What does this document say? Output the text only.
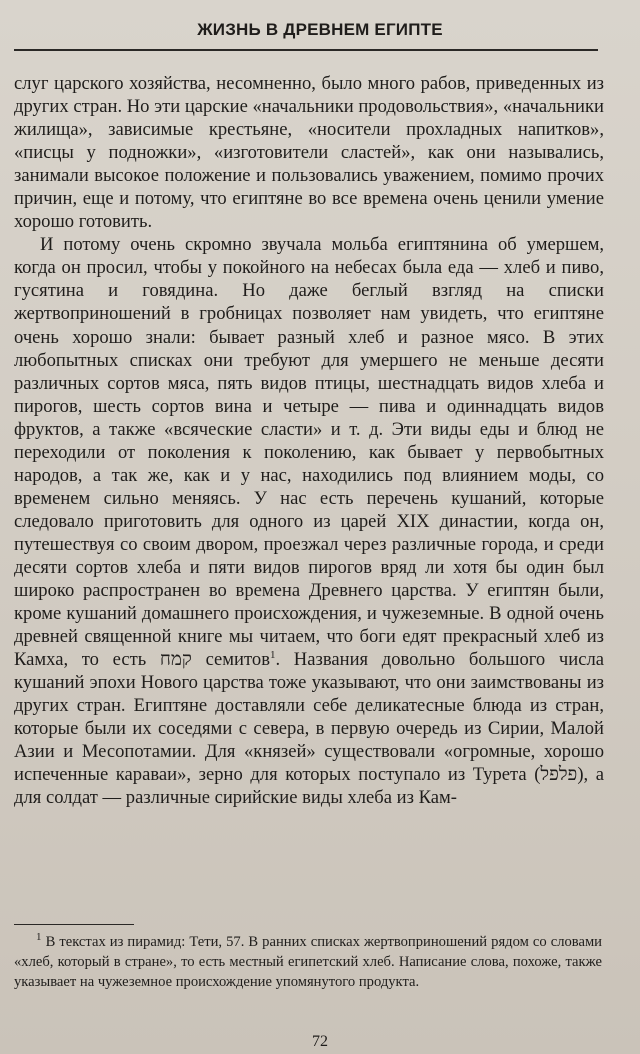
ЖИЗНЬ В ДРЕВНЕМ ЕГИПТЕ

слуг царского хозяйства, несомненно, было много рабов, приведенных из других стран. Но эти царские «начальники продовольствия», «начальники жилища», зависимые крестьяне, «носители прохладных напитков», «писцы у подножки», «изготовители сластей», как они назывались, занимали высокое положение и пользовались уважением, помимо прочих причин, еще и потому, что египтяне во все времена очень ценили умение хорошо готовить.

И потому очень скромно звучала мольба египтянина об умершем, когда он просил, чтобы у покойного на небесах была еда — хлеб и пиво, гусятина и говядина. Но даже беглый взгляд на списки жертвоприношений в гробницах позволяет нам увидеть, что египтяне очень хорошо знали: бывает разный хлеб и разное мясо. В этих любопытных списках они требуют для умершего не меньше десяти различных сортов мяса, пять видов птицы, шестнадцать видов хлеба и пирогов, шесть сортов вина и четыре — пива и одиннадцать видов фруктов, а также «всяческие сласти» и т. д. Эти виды еды и блюд не переходили от поколения к поколению, как бывает у первобытных народов, а так же, как и у нас, находились под влиянием моды, со временем сильно меняясь. У нас есть перечень кушаний, которые следовало приготовить для одного из царей XIX династии, когда он, путешествуя со своим двором, проезжал через различные города, и среди десяти сортов хлеба и пяти видов пирогов вряд ли хотя бы один был широко распространен во времена Древнего царства. У египтян были, кроме кушаний домашнего происхождения, и чужеземные. В одной очень древней священной книге мы читаем, что боги едят прекрасный хлеб из Камха, то есть קמח семитов$^1$. Названия довольно большого числа кушаний эпохи Нового царства тоже указывают, что они заимствованы из других стран. Египтяне доставляли себе деликатесные блюда из стран, которые были их соседями с севера, в первую очередь из Сирии, Малой Азии и Месопотамии. Для «князей» существовали «огромные, хорошо испеченные караваи», зерно для которых поступало из Турета (פלפל), а для солдат — различные сирийские виды хлеба из Кам-

$^1$ В текстах из пирамид: Тети, 57. В ранних списках жертвоприношений рядом со словами «хлеб, который в стране», то есть местный египетский хлеб. Написание слова, похоже, также указывает на чужеземное происхождение упомянутого продукта.
72
